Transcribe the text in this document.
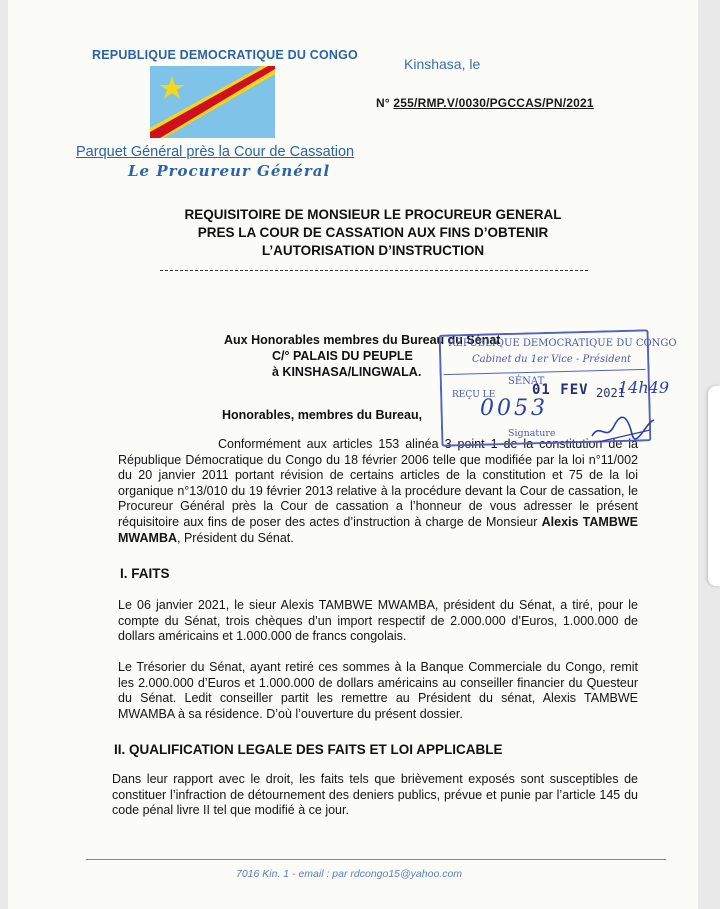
REPUBLIQUE DEMOCRATIQUE DU CONGO
Parquet Général près la Cour de Cassation
Le Procureur Général
Kinshasa, le
N° 255/RMP.V/0030/PGCCAS/PN/2021
REQUISITOIRE DE MONSIEUR LE PROCUREUR GENERAL
PRES LA COUR DE CASSATION AUX FINS D’OBTENIR
L’AUTORISATION D’INSTRUCTION
Aux Honorables membres du Bureau du Sénat
C/° PALAIS DU PEUPLE
à KINSHASA/LINGWALA.
Honorables, membres du Bureau,
Conformément aux articles 153 alinéa 3 point 1 de la constitution de la République Démocratique du Congo du 18 février 2006 telle que modifiée par la loi n°11/002 du 20 janvier 2011 portant révision de certains articles de la constitution et 75 de la loi organique n°13/010 du 19 février 2013 relative à la procédure devant la Cour de cassation, le Procureur Général près la Cour de cassation a l’honneur de vous adresser le présent réquisitoire aux fins de poser des actes d’instruction à charge de Monsieur Alexis TAMBWE MWAMBA, Président du Sénat.
I. FAITS
Le 06 janvier 2021, le sieur Alexis TAMBWE MWAMBA, président du Sénat, a tiré, pour le compte du Sénat, trois chèques d’un import respectif de 2.000.000 d’Euros, 1.000.000 de dollars américains et 1.000.000 de francs congolais.
Le Trésorier du Sénat, ayant retiré ces sommes à la Banque Commerciale du Congo, remit les 2.000.000 d’Euros et 1.000.000 de dollars américains au conseiller financier du Questeur du Sénat. Ledit conseiller partit les remettre au Président du sénat, Alexis TAMBWE MWAMBA à sa résidence. D’où l’ouverture du présent dossier.
II. QUALIFICATION LEGALE DES FAITS ET LOI APPLICABLE
Dans leur rapport avec le droit, les faits tels que brièvement exposés sont susceptibles de constituer l’infraction de détournement des deniers publics, prévue et punie par l’article 145 du code pénal livre II tel que modifié à ce jour.
7016 Kin. 1 - email : par rdcongo15@yahoo.com
REPUBLIQUE DEMOCRATIQUE DU CONGO
Cabinet du 1er Vice - Président
SÉNAT
REÇU LE	01 FEV 2021
14h49
0053
Signature
